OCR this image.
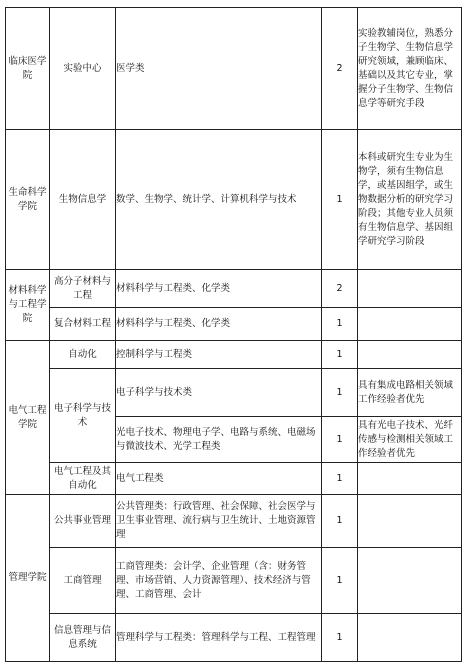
临床医学院	实验中心	医学类	2	实验教辅岗位，熟悉分子生物学、生物信息学研究领域，兼顾临床、基础以及其它专业，掌握分子生物学、生物信息学等研究手段
生命科学学院	生物信息学	数学、生物学、统计学、计算机科学与技术	1	本科或研究生专业为生物学，须有生物信息学，或基因组学，或生物数据分析的研究学习阶段；其他专业人员须有生物信息学、基因组学研究学习阶段
材料科学与工程学院	高分子材料与工程	材料科学与工程类、化学类	2	
	复合材料工程	材料科学与工程类、化学类	1	
电气工程学院	自动化	控制科学与工程类	1	
	电子科学与技术	电子科学与技术类	1	具有集成电路相关领域工作经验者优先
		光电子技术、物理电子学、电路与系统、电磁场与微波技术、光学工程类	1	具有光电子技术、光纤传感与检测相关领域工作经验者优先
	电气工程及其自动化	电气工程类	1	
管理学院	公共事业管理	公共管理类：行政管理、社会保障、社会医学与卫生事业管理、流行病与卫生统计、土地资源管理	1	
	工商管理	工商管理类：会计学、企业管理（含：财务管理、市场营销、人力资源管理）、技术经济与管理、工商管理、会计	1	
	信息管理与信息系统	管理科学与工程类：管理科学与工程、工程管理	1	
